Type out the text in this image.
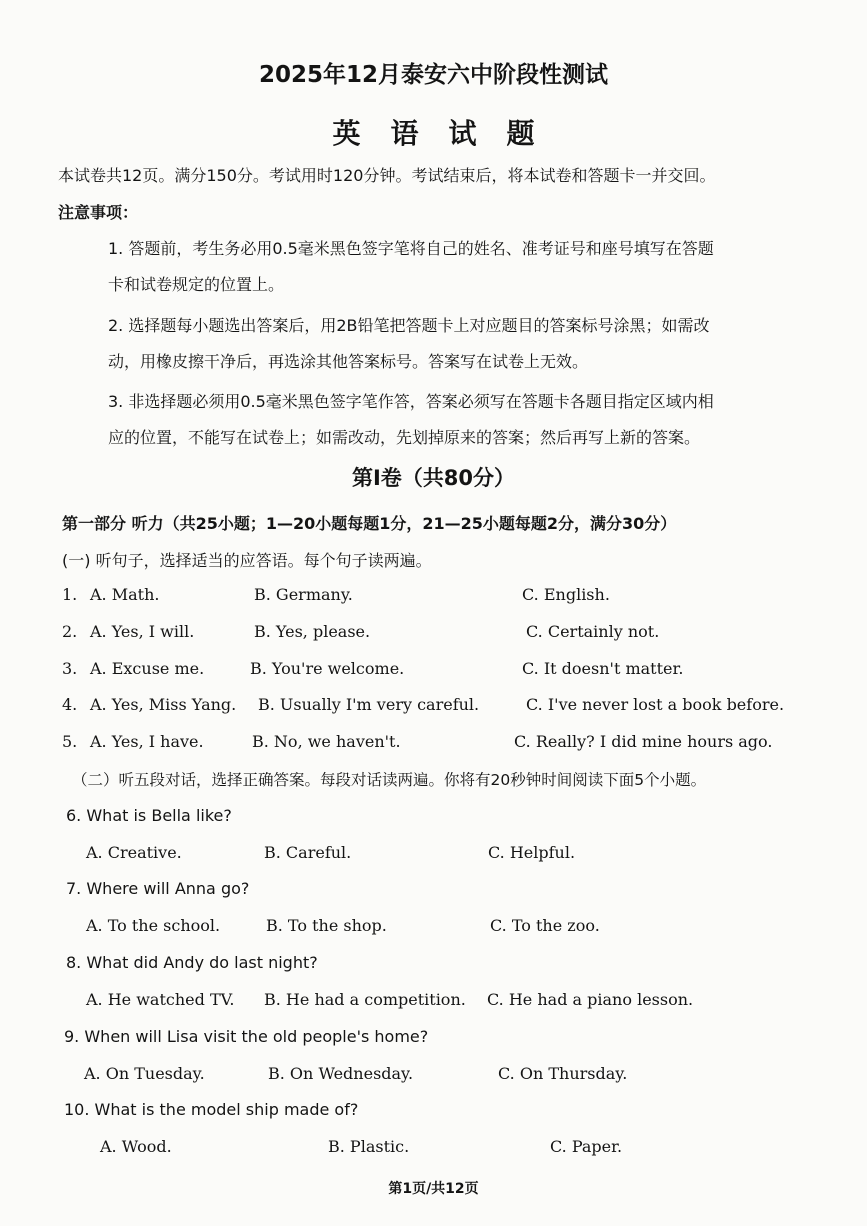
2025年12月泰安六中阶段性测试
英语试题
本试卷共12页。满分150分。考试用时120分钟。考试结束后，将本试卷和答题卡一并交回。
注意事项：
1. 答题前，考生务必用0.5毫米黑色签字笔将自己的姓名、准考证号和座号填写在答题
卡和试卷规定的位置上。
2. 选择题每小题选出答案后，用2B铅笔把答题卡上对应题目的答案标号涂黑；如需改
动，用橡皮擦干净后，再选涂其他答案标号。答案写在试卷上无效。
3. 非选择题必须用0.5毫米黑色签字笔作答，答案必须写在答题卡各题目指定区域内相
应的位置，不能写在试卷上；如需改动，先划掉原来的答案；然后再写上新的答案。
第Ⅰ卷（共80分）
第一部分 听力（共25小题；1—20小题每题1分，21—25小题每题2分，满分30分）
(一) 听句子，选择适当的应答语。每个句子读两遍。
1. A. Math.	B. Germany.	C. English.
2. A. Yes, I will.	B. Yes, please.	C. Certainly not.
3. A. Excuse me.	B. You're welcome.	C. It doesn't matter.
4. A. Yes, Miss Yang. B. Usually I'm very careful.	C. I've never lost a book before.
5. A. Yes, I have.	B. No, we haven't.	C. Really? I did mine hours ago.
（二）听五段对话，选择正确答案。每段对话读两遍。你将有20秒钟时间阅读下面5个小题。
6. What is Bella like?
A. Creative.	B. Careful.	C. Helpful.
7. Where will Anna go?
A. To the school.	B. To the shop.	C. To the zoo.
8. What did Andy do last night?
A. He watched TV. B. He had a competition. C. He had a piano lesson.
9. When will Lisa visit the old people's home?
A. On Tuesday.	B. On Wednesday.	C. On Thursday.
10. What is the model ship made of?
A. Wood.	B. Plastic.	C. Paper.
第1页/共12页
